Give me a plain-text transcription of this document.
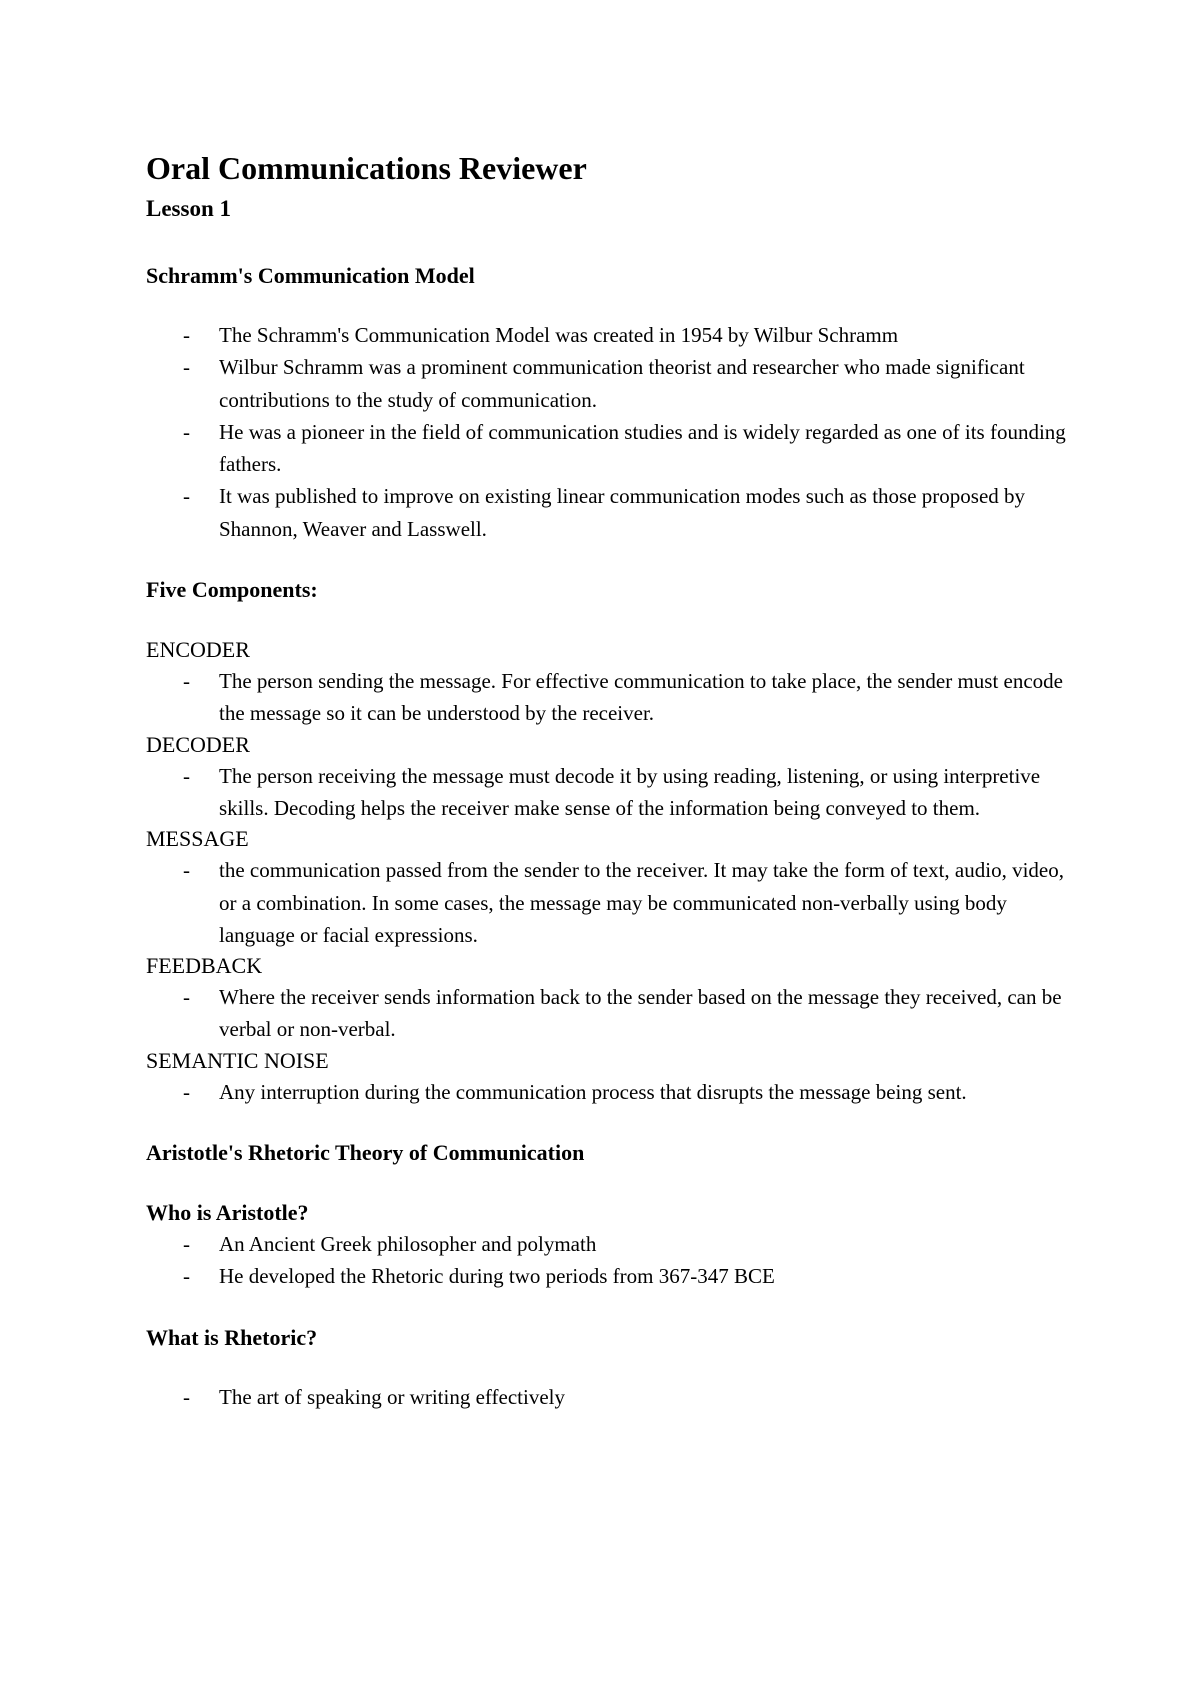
Oral Communications Reviewer
Lesson 1
Schramm's Communication Model
- The Schramm's Communication Model was created in 1954 by Wilbur Schramm
- Wilbur Schramm was a prominent communication theorist and researcher who made significant contributions to the study of communication.
- He was a pioneer in the field of communication studies and is widely regarded as one of its founding fathers.
- It was published to improve on existing linear communication modes such as those proposed by Shannon, Weaver and Lasswell.
Five Components:
ENCODER
- The person sending the message. For effective communication to take place, the sender must encode the message so it can be understood by the receiver.
DECODER
- The person receiving the message must decode it by using reading, listening, or using interpretive skills. Decoding helps the receiver make sense of the information being conveyed to them.
MESSAGE
- the communication passed from the sender to the receiver. It may take the form of text, audio, video, or a combination. In some cases, the message may be communicated non-verbally using body language or facial expressions.
FEEDBACK
- Where the receiver sends information back to the sender based on the message they received, can be verbal or non-verbal.
SEMANTIC NOISE
- Any interruption during the communication process that disrupts the message being sent.
Aristotle's Rhetoric Theory of Communication
Who is Aristotle?
- An Ancient Greek philosopher and polymath
- He developed the Rhetoric during two periods from 367-347 BCE
What is Rhetoric?
- The art of speaking or writing effectively
